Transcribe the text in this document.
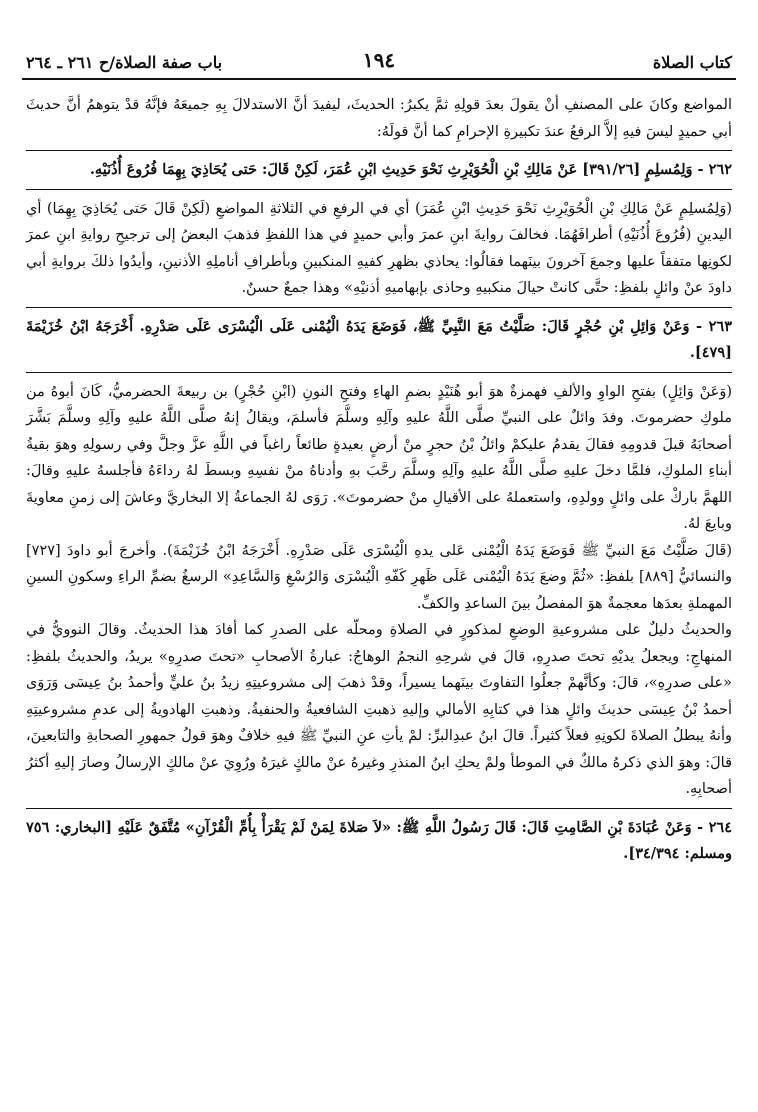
باب صفة الصلاة/ح ٢٦١ ـ ٢٦٤	١٩٤	كتاب الصلاة

المواضع وكانَ على المصنفِ أنْ يقولَ بعدَ قولِهِ ثمَّ يكبرُ: الحديثَ، ليفيدَ أنَّ الاستدلالَ بِهِ جميعَهُ فإنَّهُ قدْ يتوهمُ أنَّ حديثَ أبي حميدٍ ليسَ فيهِ إلاَّ الرفعُ عندَ تكبيرةِ الإحرامِ كما أنَّ قولَهُ:

٢٦٢ - وَلِمُسلِمٍ [٣٩١/٢٦] عَنْ مَالِكِ بْنِ الْحُوَيْرِثِ نَحْوَ حَدِيثِ ابْنِ عُمَرَ، لَكِنْ قَالَ: حَتى يُحَاذِيَ بِهِمَا فُرُوعَ أُذُنَيْهِ.

(وَلِمُسلِمٍ عَنْ مَالِكِ بْنِ الْحُوَيْرِثِ نَحْوَ حَدِيثِ ابْنِ عُمَرَ) أي في الرفعِ في الثلاثةِ المواضعِ (لَكِنْ قَالَ حَتى يُحَاذِيَ بِهِمَا) أي اليدينِ (فُرُوعَ أُذُنَيْهِ) أطرافَهُمَا. فخالفَ روايةَ ابنِ عمرَ وأبي حميدٍ في هذا اللفظِ فذهبَ البعضُ إلى ترجيحِ روايةِ ابنِ عمرَ لكونِها متفقاً عليها وجمعَ آخرونَ بينَهما فقالُوا: يحاذي بظهرِ كفيهِ المنكبينِ وبأطرافِ أناملِهِ الأذنينِ، وأيدُوا ذلكَ بروايةِ أبي داودَ عنْ وائلٍ بلفظِ: حتَّى كانتْ حيالَ منكبيهِ وحاذى بإبهاميهِ أذنيْهِ» وهذا جمعٌ حسنٌ.

٢٦٣ - وَعَنْ وَائِلِ بْنِ حُجْرٍ قَالَ: صَلَّيْتُ مَعَ النَّبِيِّ ﷺ، فَوَضَعَ يَدَهُ الْيُمْنى عَلَى الْيُسْرَى عَلَى صَدْرِهِ. أَخْرَجَهُ ابْنُ خُزَيْمَةَ [٤٧٩].

(وَعَنْ وَائِلٍ) بفتحِ الواوِ والألفِ فهمزةٌ هوَ أبو هُنَيْدٍ بضمِ الهاءِ وفتحِ النونِ (ابْنِ حُجْرٍ) بن ربيعةَ الحضرميُّ، كَانَ أبوهُ من ملوكِ حضرموتَ. وفدَ وائلٌ على النبيِّ صلَّى اللَّهُ عليهِ وآلِهِ وسلَّمَ فأسلمَ، ويقالُ إنهُ صلَّى اللَّهُ عليهِ وآلِهِ وسلَّمَ بَشَّرَ أصحابَهُ قبلَ قدومِهِ فقالَ يقدمُ عليكمْ وائلُ بْنُ حجرٍ منْ أرضٍ بعيدةٍ طائعاً راغباً في اللَّهِ عزَّ وجلَّ وفي رسولِهِ وهوَ بقيةُ أبناءِ الملوكِ، فلمَّا دخلَ عليهِ صلَّى اللَّهُ عليهِ وآلِهِ وسلَّمَ رحَّبَ بهِ وأدناهُ منْ نفسِهِ وبسطَ لهُ رداءَهُ فأجلسهُ عليهِ وقالَ: اللهمَّ باركْ على وائلٍ وولدِهِ، واستعملهُ على الأقيالِ منْ حضرموتَ». رَوَى لهُ الجماعةُ إلا البخاريَّ وعاشَ إلى زمنِ معاويةَ وبايعَ لهُ.

(قَالَ صَلَّيْتُ مَعَ النبيِّ ﷺ فَوَضَعَ يَدَهُ الْيُمْنى عَلى يدهِ الْيُسْرَى عَلَى صَدْرِهِ. أَخْرَجَهُ ابْنُ خُزَيْمَةَ). وأخرجَ أبو داودَ [٧٢٧] والنسائيُّ [٨٨٩] بلفظِ: «ثُمَّ وضعَ يَدَهُ الْيُمْنى عَلَى ظَهرِ كَفّهِ الْيُسْرَى وَالرُسْغِ وَالسَّاعِدِ» الرسغُ بضمِّ الراءِ وسكونِ السينِ المهملةِ بعدَها معجمةٌ هوَ المفصلُ بينَ الساعدِ والكفِّ.

والحديثُ دليلٌ على مشروعيةِ الوضعِ لمذكورٍ في الصلاةِ ومحلّه على الصدرِ كما أفادَ هذا الحديثُ. وقالَ النوويُّ في المنهاجِ: ويجعلُ يديْهِ تحتَ صدرِهِ، قالَ في شرحِهِ النجمُ الوهاجُ: عبارةُ الأصحابِ «تحتَ صدرِهِ» يريدُ، والحديثُ بلفظِ: «على صدرِهِ»، قالَ: وكأنَّهمْ جعلُوا التفاوتَ بينَهما يسيراً، وقدْ ذهبَ إلى مشروعيتِهِ زيدُ بنُ عليٍّ وأحمدُ بنُ عِيسَى وَرَوَى أحمدُ بْنُ عِيسَى حديثَ وائلٍ هذا في كتابِهِ الأمالي وإليهِ ذهبتِ الشافعيةُ والحنفيةُ. وذهبتِ الهادويةُ إلى عدمِ مشروعيتِهِ وأنهُ يبطلُ الصلاةَ لكونِهِ فعلاً كثيراً. قالَ ابنُ عبدِالبرِّ: لمْ يأتِ عنِ النبيِّ ﷺ فيهِ خلافٌ وهوَ قولُ جمهورِ الصحابةِ والتابعينَ، قالَ: وهوَ الذي ذكرهُ مالكٌ في الموطأ ولمْ يحكِ ابنُ المنذرِ وغيرهُ عنْ مالكٍ غيرَهُ ورُوِيَ عنْ مالكٍ الإرسالُ وصارَ إليهِ أكثرُ أصحابِهِ.

٢٦٤ - وَعَنْ عُبَادَةَ بْنِ الصَّامِتِ قَالَ: قَالَ رَسُولُ اللَّهِ ﷺ: «لاَ صَلاةَ لِمَنْ لَمْ يَقْرَأْ بِأُمِّ الْقُرْآنِ» مُتَّفَقٌ عَلَيْهِ [البخاري: ٧٥٦ ومسلم: ٣٤/٣٩٤].
